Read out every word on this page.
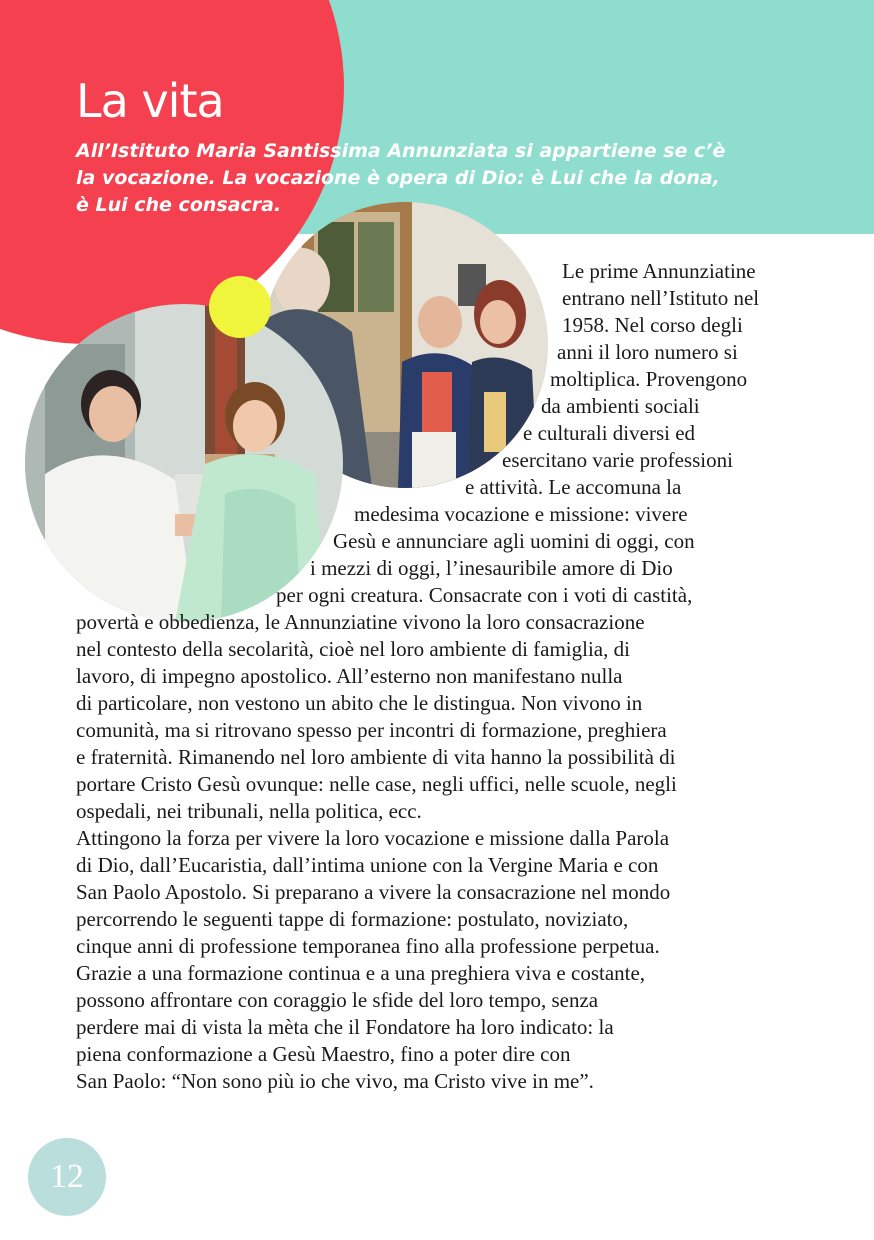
La vita
All’Istituto Maria Santissima Annunziata si appartiene se c’è
la vocazione. La vocazione è opera di Dio: è Lui che la dona,
è Lui che consacra.
Le prime Annunziatine
entrano nell’Istituto nel
1958. Nel corso degli
anni il loro numero si
moltiplica. Provengono
da ambienti sociali
e culturali diversi ed
esercitano varie professioni
e attività. Le accomuna la
medesima vocazione e missione: vivere
Gesù e annunciare agli uomini di oggi, con
i mezzi di oggi, l’inesauribile amore di Dio
per ogni creatura. Consacrate con i voti di castità,
povertà e obbedienza, le Annunziatine vivono la loro consacrazione
nel contesto della secolarità, cioè nel loro ambiente di famiglia, di
lavoro, di impegno apostolico. All’esterno non manifestano nulla
di particolare, non vestono un abito che le distingua. Non vivono in
comunità, ma si ritrovano spesso per incontri di formazione, preghiera
e fraternità. Rimanendo nel loro ambiente di vita hanno la possibilità di
portare Cristo Gesù ovunque: nelle case, negli uffici, nelle scuole, negli
ospedali, nei tribunali, nella politica, ecc.
Attingono la forza per vivere la loro vocazione e missione dalla Parola
di Dio, dall’Eucaristia, dall’intima unione con la Vergine Maria e con
San Paolo Apostolo. Si preparano a vivere la consacrazione nel mondo
percorrendo le seguenti tappe di formazione: postulato, noviziato,
cinque anni di professione temporanea fino alla professione perpetua.
Grazie a una formazione continua e a una preghiera viva e costante,
possono affrontare con coraggio le sfide del loro tempo, senza
perdere mai di vista la mèta che il Fondatore ha loro indicato: la
piena conformazione a Gesù Maestro, fino a poter dire con
San Paolo: “Non sono più io che vivo, ma Cristo vive in me”.
12
